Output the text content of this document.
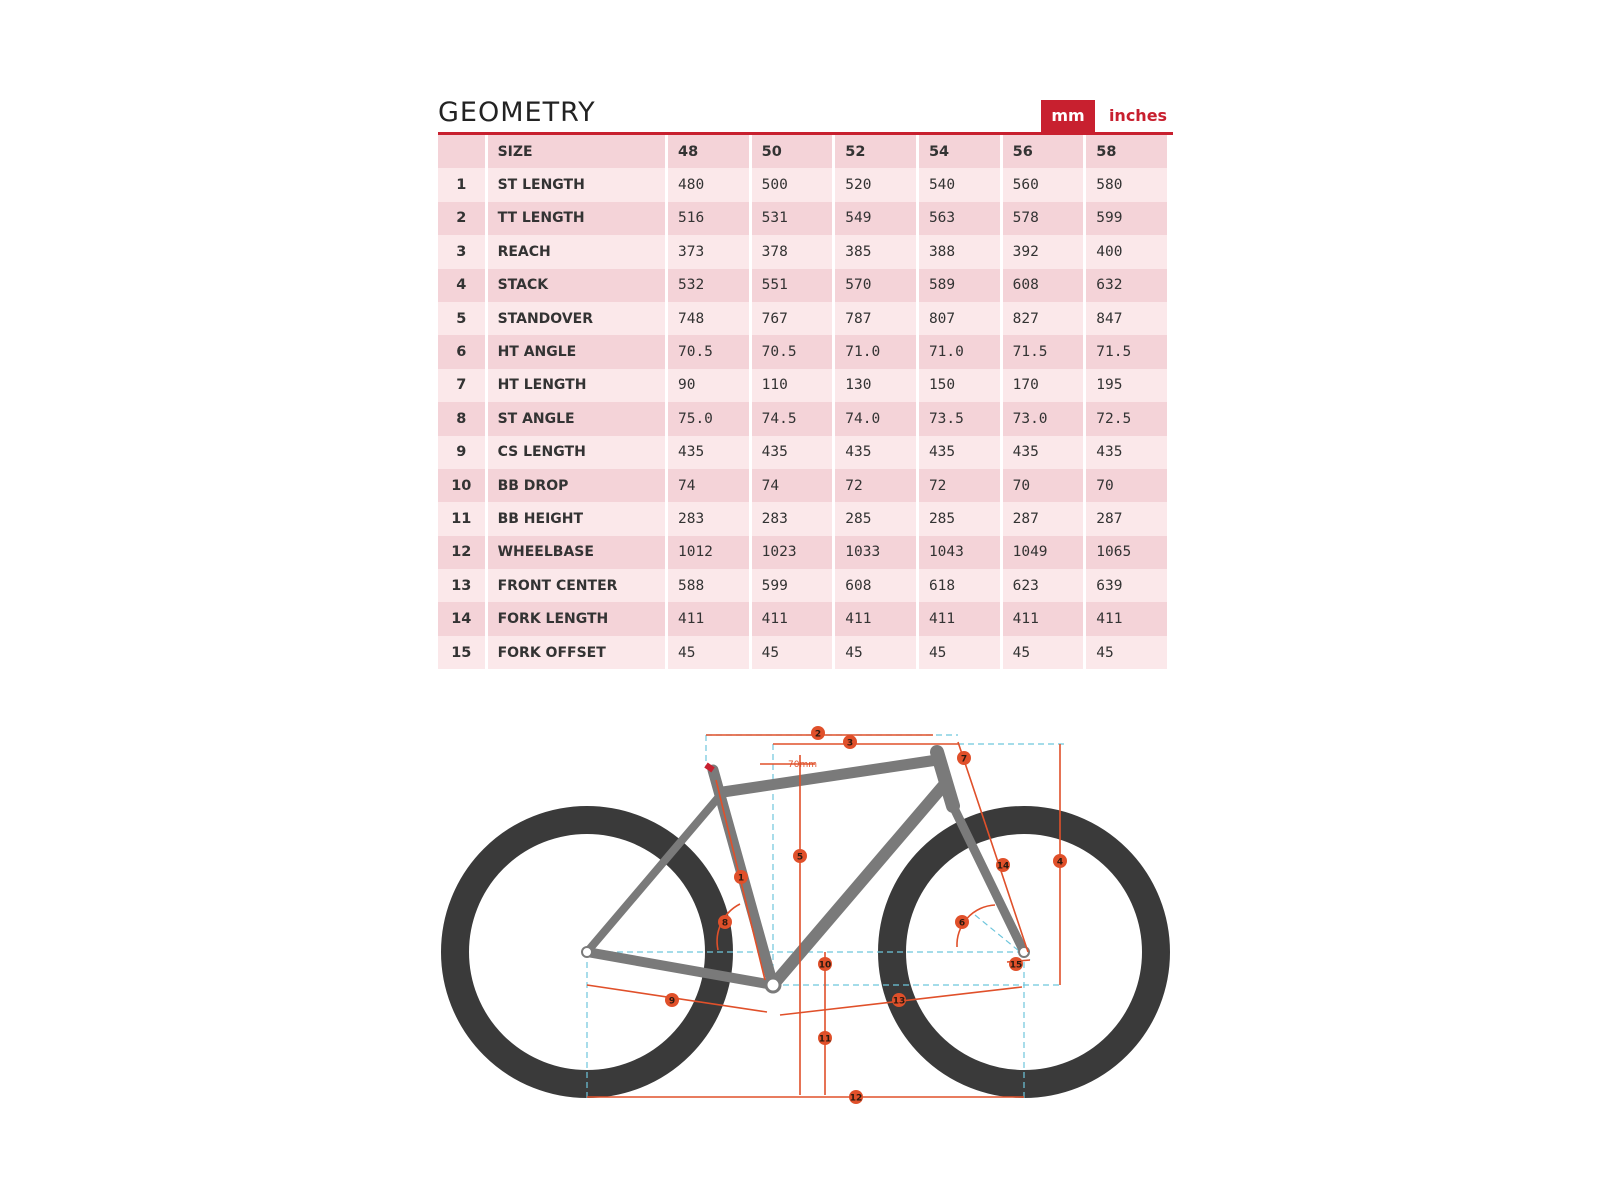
GEOMETRY	mm	inches
	SIZE	48	50	52	54	56	58
1	ST LENGTH	480	500	520	540	560	580
2	TT LENGTH	516	531	549	563	578	599
3	REACH	373	378	385	388	392	400
4	STACK	532	551	570	589	608	632
5	STANDOVER	748	767	787	807	827	847
6	HT ANGLE	70.5	70.5	71.0	71.0	71.5	71.5
7	HT LENGTH	90	110	130	150	170	195
8	ST ANGLE	75.0	74.5	74.0	73.5	73.0	72.5
9	CS LENGTH	435	435	435	435	435	435
10	BB DROP	74	74	72	72	70	70
11	BB HEIGHT	283	283	285	285	287	287
12	WHEELBASE	1012	1023	1033	1043	1049	1065
13	FRONT CENTER	588	599	608	618	623	639
14	FORK LENGTH	411	411	411	411	411	411
15	FORK OFFSET	45	45	45	45	45	45
1
2
3
4
5
6
7
8
9
10
11
12
13
14
15
70mm
